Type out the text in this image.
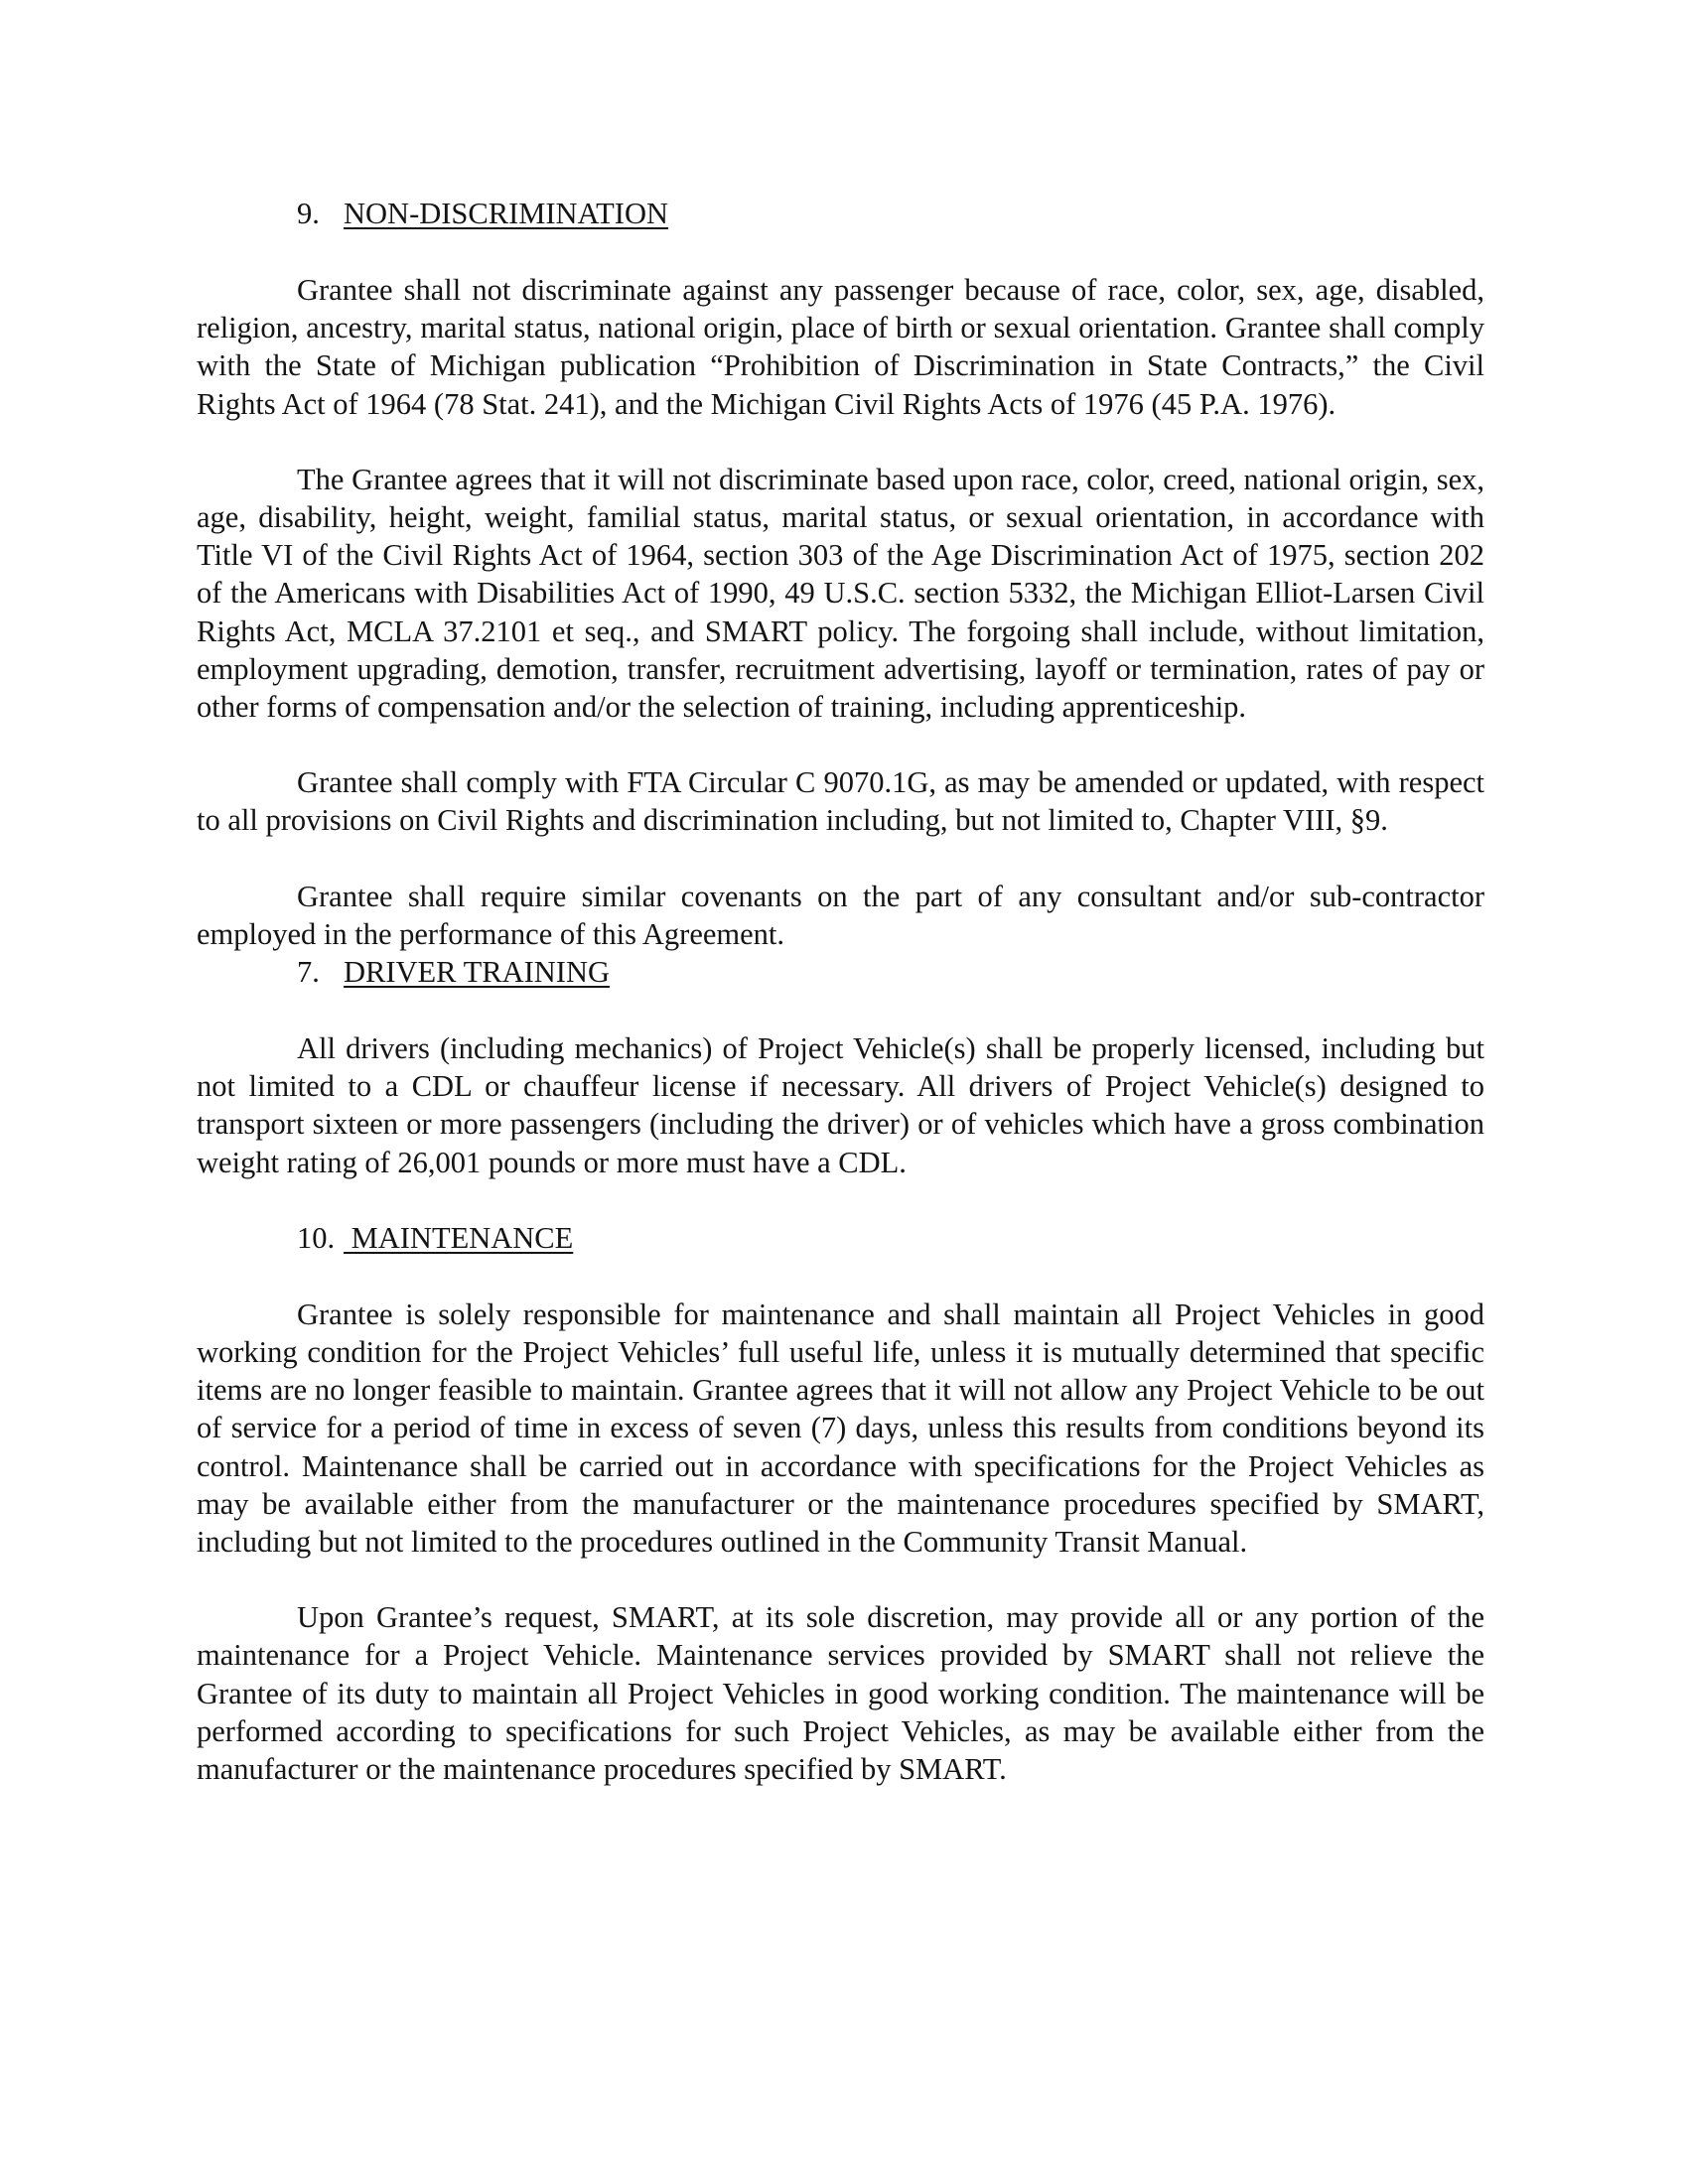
9. NON-DISCRIMINATION

Grantee shall not discriminate against any passenger because of race, color, sex, age, disabled, religion, ancestry, marital status, national origin, place of birth or sexual orientation. Grantee shall comply with the State of Michigan publication “Prohibition of Discrimination in State Contracts,” the Civil Rights Act of 1964 (78 Stat. 241), and the Michigan Civil Rights Acts of 1976 (45 P.A. 1976).

The Grantee agrees that it will not discriminate based upon race, color, creed, national origin, sex, age, disability, height, weight, familial status, marital status, or sexual orientation, in accordance with Title VI of the Civil Rights Act of 1964, section 303 of the Age Discrimination Act of 1975, section 202 of the Americans with Disabilities Act of 1990, 49 U.S.C. section 5332, the Michigan Elliot-Larsen Civil Rights Act, MCLA 37.2101 et seq., and SMART policy. The forgoing shall include, without limitation, employment upgrading, demotion, transfer, recruitment advertising, layoff or termination, rates of pay or other forms of compensation and/or the selection of training, including apprenticeship.

Grantee shall comply with FTA Circular C 9070.1G, as may be amended or updated, with respect to all provisions on Civil Rights and discrimination including, but not limited to, Chapter VIII, §9.

Grantee shall require similar covenants on the part of any consultant and/or sub-contractor employed in the performance of this Agreement.

7. DRIVER TRAINING

All drivers (including mechanics) of Project Vehicle(s) shall be properly licensed, including but not limited to a CDL or chauffeur license if necessary. All drivers of Project Vehicle(s) designed to transport sixteen or more passengers (including the driver) or of vehicles which have a gross combination weight rating of 26,001 pounds or more must have a CDL.

10. MAINTENANCE

Grantee is solely responsible for maintenance and shall maintain all Project Vehicles in good working condition for the Project Vehicles’ full useful life, unless it is mutually determined that specific items are no longer feasible to maintain. Grantee agrees that it will not allow any Project Vehicle to be out of service for a period of time in excess of seven (7) days, unless this results from conditions beyond its control. Maintenance shall be carried out in accordance with specifications for the Project Vehicles as may be available either from the manufacturer or the maintenance procedures specified by SMART, including but not limited to the procedures outlined in the Community Transit Manual.

Upon Grantee’s request, SMART, at its sole discretion, may provide all or any portion of the maintenance for a Project Vehicle. Maintenance services provided by SMART shall not relieve the Grantee of its duty to maintain all Project Vehicles in good working condition. The maintenance will be performed according to specifications for such Project Vehicles, as may be available either from the manufacturer or the maintenance procedures specified by SMART.
